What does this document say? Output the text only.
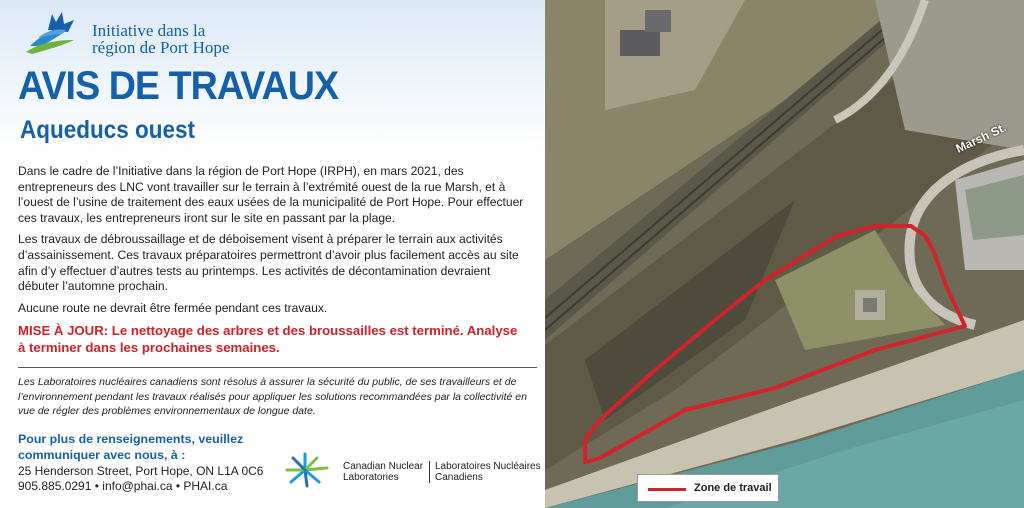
Initiative dans la
région de Port Hope
AVIS DE TRAVAUX
Aqueducs ouest

Dans le cadre de l’Initiative dans la région de Port Hope (IRPH), en mars 2021, des entrepreneurs des LNC vont travailler sur le terrain à l’extrémité ouest de la rue Marsh, et à l’ouest de l’usine de traitement des eaux usées de la municipalité de Port Hope. Pour effectuer ces travaux, les entrepreneurs iront sur le site en passant par la plage.

Les travaux de débroussaillage et de déboisement visent à préparer le terrain aux activités d’assainissement. Ces travaux préparatoires permettront d’avoir plus facilement accès au site afin d’y effectuer d’autres tests au printemps. Les activités de décontamination devraient débuter l’automne prochain.

Aucune route ne devrait être fermée pendant ces travaux.

MISE À JOUR: Le nettoyage des arbres et des broussailles est terminé. Analyse à terminer dans les prochaines semaines.
Les Laboratoires nucléaires canadiens sont résolus à assurer la sécurité du public, de ses travailleurs et de l’environnement pendant les travaux réalisés pour appliquer les solutions recommandées par la collectivité en vue de régler des problèmes environnementaux de longue date.
Pour plus de renseignements, veuillez
communiquer avec nous, à :
25 Henderson Street, Port Hope, ON L1A 0C6
905.885.0291 • info@phai.ca • PHAI.ca
Canadian Nuclear
Laboratories
Laboratoires Nucléaires
Canadiens
Marsh St.
Zone de travail
